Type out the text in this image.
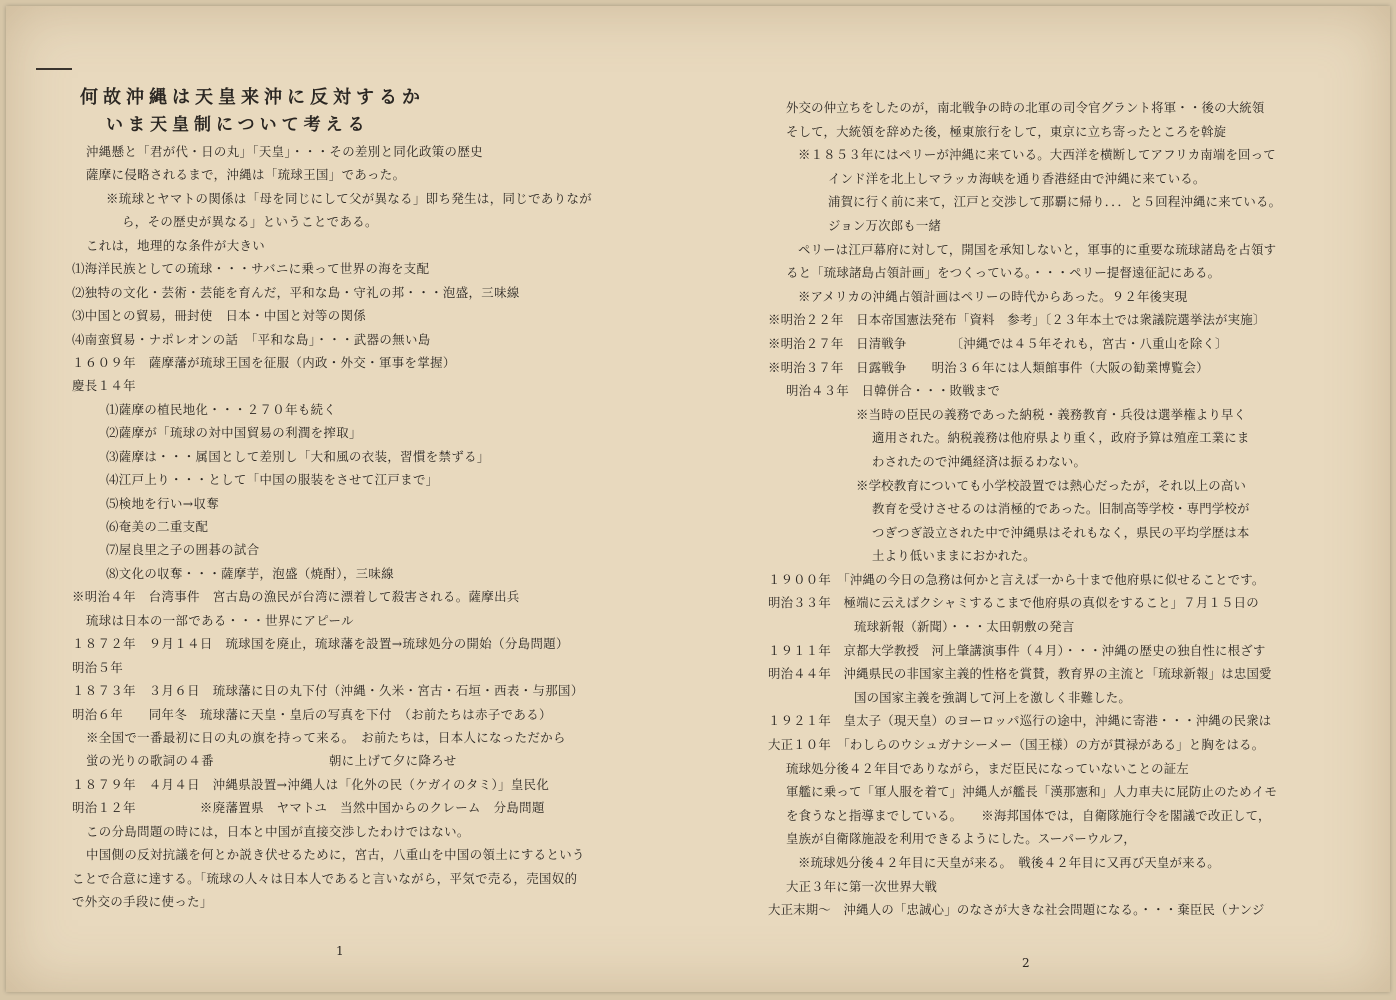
何故沖縄は天皇来沖に反対するか
いま天皇制について考える
沖縄懸と「君が代・日の丸」「天皇」・・・その差別と同化政策の歴史
薩摩に侵略されるまで，沖縄は「琉球王国」であった。
※琉球とヤマトの関係は「母を同じにして父が異なる」即ち発生は，同じでありなが
ら，その歴史が異なる」ということである。
これは，地理的な条件が大きい
⑴海洋民族としての琉球・・・サバニに乗って世界の海を支配
⑵独特の文化・芸術・芸能を育んだ，平和な島・守礼の邦・・・泡盛，三味線
⑶中国との貿易，冊封使　日本・中国と対等の関係
⑷南蛮貿易・ナポレオンの話　「平和な島」・・・武器の無い島
１６０９年　薩摩藩が琉球王国を征服（内政・外交・軍事を掌握）
慶長１４年
⑴薩摩の植民地化・・・２７０年も続く
⑵薩摩が「琉球の対中国貿易の利潤を搾取」
⑶薩摩は・・・属国として差別し「大和風の衣装，習慣を禁ずる」
⑷江戸上り・・・として「中国の服装をさせて江戸まで」
⑸検地を行い→収奪
⑹奄美の二重支配
⑺屋良里之子の囲碁の試合
⑻文化の収奪・・・薩摩芋，泡盛（焼酎），三味線
※明治４年　台湾事件　宮古島の漁民が台湾に漂着して殺害される。薩摩出兵
琉球は日本の一部である・・・世界にアピール
１８７２年　９月１４日　琉球国を廃止，琉球藩を設置→琉球処分の開始（分島問題）
明治５年
１８７３年　３月６日　琉球藩に日の丸下付（沖縄・久米・宮古・石垣・西表・与那国）
明治６年　　同年冬　琉球藩に天皇・皇后の写真を下付　（お前たちは赤子である）
※全国で一番最初に日の丸の旗を持って来る。　お前たちは，日本人になっただから
蛍の光りの歌詞の４番　　　　　　　　　朝に上げて夕に降ろせ
１８７９年　４月４日　沖縄県設置→沖縄人は「化外の民（ケガイのタミ）」皇民化
明治１２年　　　　　※廃藩置県　ヤマトユ　当然中国からのクレーム　分島問題
この分島問題の時には，日本と中国が直接交渉したわけではない。
中国側の反対抗議を何とか説き伏せるために，宮古，八重山を中国の領土にするという
ことで合意に達する。「琉球の人々は日本人であると言いながら，平気で売る，売国奴的
で外交の手段に使った」
外交の仲立ちをしたのが，南北戦争の時の北軍の司令官グラント将軍・・後の大統領
そして，大統領を辞めた後，極東旅行をして，東京に立ち寄ったところを斡旋
※１８５３年にはペリーが沖縄に来ている。大西洋を横断してアフリカ南端を回って
インド洋を北上しマラッカ海峡を通り香港経由で沖縄に来ている。
浦賀に行く前に来て，江戸と交渉して那覇に帰り．．．と５回程沖縄に来ている。
ジョン万次郎も一緒
ペリーは江戸幕府に対して，開国を承知しないと，軍事的に重要な琉球諸島を占領す
ると「琉球諸島占領計画」をつくっている。・・・ペリー提督遠征記にある。
※アメリカの沖縄占領計画はペリーの時代からあった。９２年後実現
※明治２２年　日本帝国憲法発布「資料　参考」〔２３年本土では衆議院選挙法が実施〕
※明治２７年　日清戦争　　　　〔沖縄では４５年それも，宮古・八重山を除く〕
※明治３７年　日露戦争　　明治３６年には人類館事件（大阪の勧業博覧会）
明治４３年　日韓併合・・・敗戦まで
※当時の臣民の義務であった納税・義務教育・兵役は選挙権より早く
適用された。納税義務は他府県より重く，政府予算は殖産工業にま
わされたので沖縄経済は振るわない。
※学校教育についても小学校設置では熱心だったが，それ以上の高い
教育を受けさせるのは消極的であった。旧制高等学校・専門学校が
つぎつぎ設立された中で沖縄県はそれもなく，県民の平均学歴は本
土より低いままにおかれた。
１９００年　「沖縄の今日の急務は何かと言えば一から十まで他府県に似せることです。
明治３３年　極端に云えばクシャミするこまで他府県の真似をすること」７月１５日の
琉球新報（新聞）・・・太田朝敷の発言
１９１１年　京都大学教授　河上肇講演事件（４月）・・・沖縄の歴史の独自性に根ざす
明治４４年　沖縄県民の非国家主義的性格を賞賛，教育界の主流と「琉球新報」は忠国愛
国の国家主義を強調して河上を激しく非難した。
１９２１年　皇太子（現天皇）のヨーロッパ巡行の途中，沖縄に寄港・・・沖縄の民衆は
大正１０年　「わしらのウシュガナシーメー（国王様）の方が貫禄がある」と胸をはる。
琉球処分後４２年目でありながら，まだ臣民になっていないことの証左
軍艦に乗って「軍人服を着て」沖縄人が艦長「漢那憲和」人力車夫に屁防止のためイモ
を食うなと指導までしている。　　※海邦国体では，自衛隊施行令を閣議で改正して，
皇族が自衛隊施設を利用できるようにした。スーパーウルフ，
※琉球処分後４２年目に天皇が来る。　戦後４２年目に又再び天皇が来る。
大正３年に第一次世界大戦
大正末期～　沖縄人の「忠誠心」のなさが大きな社会問題になる。・・・棄臣民（ナンジ
1
2
